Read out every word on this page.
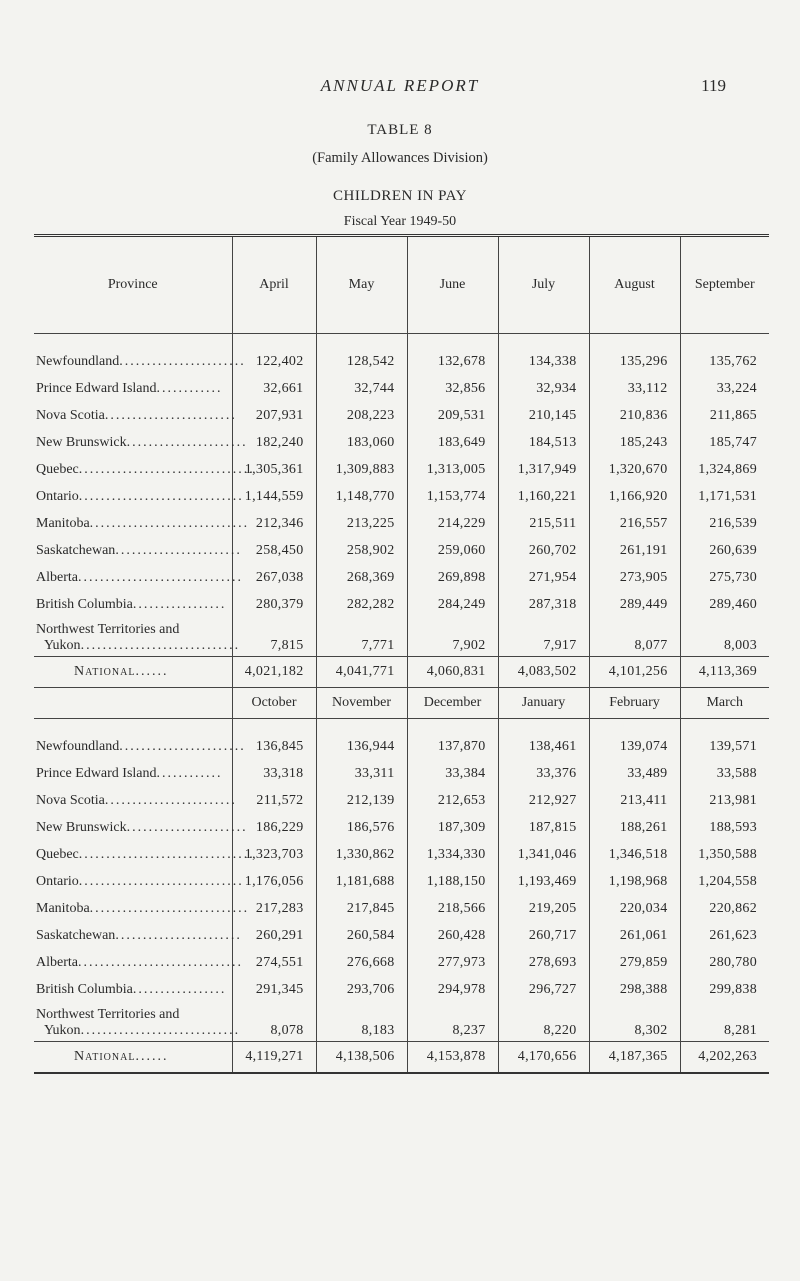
ANNUAL REPORT	119
TABLE 8
(Family Allowances Division)
CHILDREN IN PAY
Fiscal Year 1949-50
Province	April	May	June	July	August	September

Newfoundland.......................	122,402	128,542	132,678	134,338	135,296	135,762
Prince Edward Island............	32,661	32,744	32,856	32,934	33,112	33,224
Nova Scotia........................	207,931	208,223	209,531	210,145	210,836	211,865
New Brunswick......................	182,240	183,060	183,649	184,513	185,243	185,747
Quebec................................	1,305,361	1,309,883	1,313,005	1,317,949	1,320,670	1,324,869
Ontario..............................	1,144,559	1,148,770	1,153,774	1,160,221	1,166,920	1,171,531
Manitoba.............................	212,346	213,225	214,229	215,511	216,557	216,539
Saskatchewan.......................	258,450	258,902	259,060	260,702	261,191	260,639
Alberta..............................	267,038	268,369	269,898	271,954	273,905	275,730
British Columbia.................	280,379	282,282	284,249	287,318	289,449	289,460

Northwest Territories and
Yukon.............................	7,815	7,771	7,902	7,917	8,077	8,003
National......	4,021,182	4,041,771	4,060,831	4,083,502	4,101,256	4,113,369
	October	November	December	January	February	March

Newfoundland.......................	136,845	136,944	137,870	138,461	139,074	139,571
Prince Edward Island............	33,318	33,311	33,384	33,376	33,489	33,588
Nova Scotia........................	211,572	212,139	212,653	212,927	213,411	213,981
New Brunswick......................	186,229	186,576	187,309	187,815	188,261	188,593
Quebec................................	1,323,703	1,330,862	1,334,330	1,341,046	1,346,518	1,350,588
Ontario..............................	1,176,056	1,181,688	1,188,150	1,193,469	1,198,968	1,204,558
Manitoba.............................	217,283	217,845	218,566	219,205	220,034	220,862
Saskatchewan.......................	260,291	260,584	260,428	260,717	261,061	261,623
Alberta..............................	274,551	276,668	277,973	278,693	279,859	280,780
British Columbia.................	291,345	293,706	294,978	296,727	298,388	299,838

Northwest Territories and
Yukon.............................	8,078	8,183	8,237	8,220	8,302	8,281
National......	4,119,271	4,138,506	4,153,878	4,170,656	4,187,365	4,202,263
